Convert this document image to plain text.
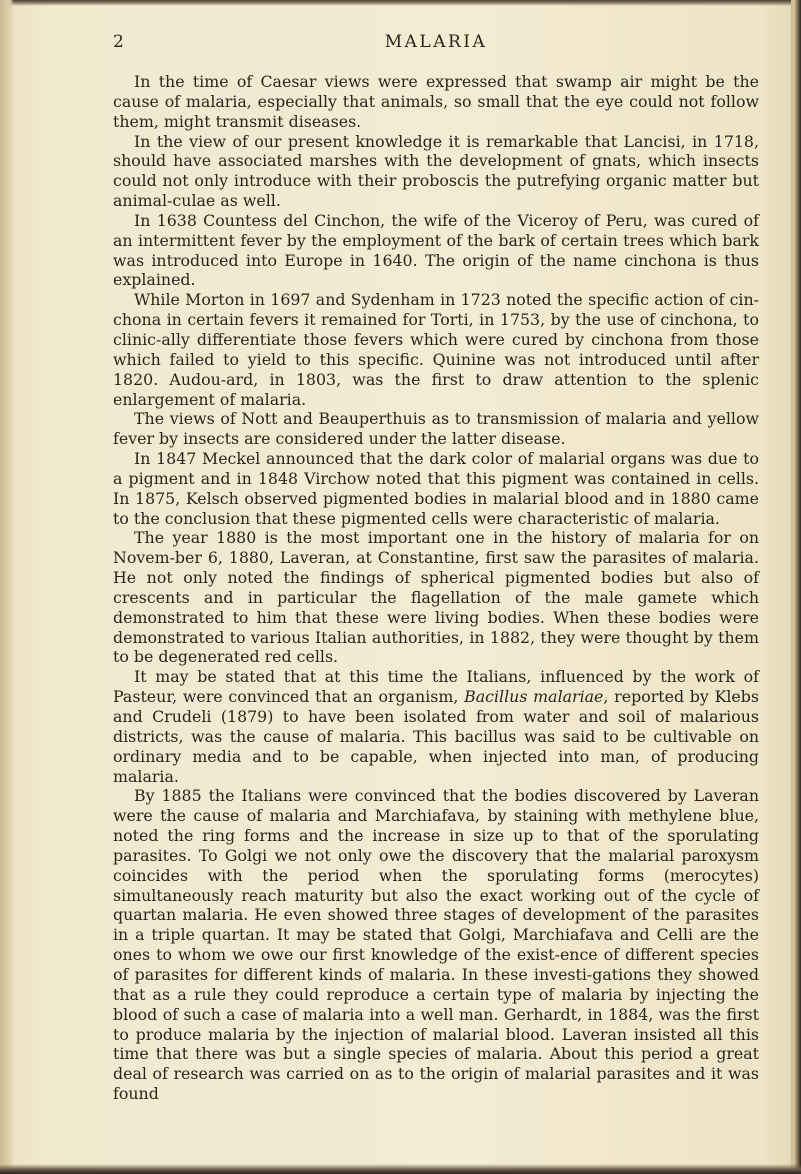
2	MALARIA

In the time of Caesar views were expressed that swamp air might be the cause of malaria, especially that animals, so small that the eye could not follow them, might transmit diseases.

In the view of our present knowledge it is remarkable that Lancisi, in 1718, should have associated marshes with the development of gnats, which insects could not only introduce with their proboscis the putrefying organic matter but animal-culae as well.

In 1638 Countess del Cinchon, the wife of the Viceroy of Peru, was cured of an intermittent fever by the employment of the bark of certain trees which bark was introduced into Europe in 1640. The origin of the name cinchona is thus explained.

While Morton in 1697 and Sydenham in 1723 noted the specific action of cin-chona in certain fevers it remained for Torti, in 1753, by the use of cinchona, to clinic-ally differentiate those fevers which were cured by cinchona from those which failed to yield to this specific. Quinine was not introduced until after 1820. Audou-ard, in 1803, was the first to draw attention to the splenic enlargement of malaria.

The views of Nott and Beauperthuis as to transmission of malaria and yellow fever by insects are considered under the latter disease.

In 1847 Meckel announced that the dark color of malarial organs was due to a pigment and in 1848 Virchow noted that this pigment was contained in cells. In 1875, Kelsch observed pigmented bodies in malarial blood and in 1880 came to the conclusion that these pigmented cells were characteristic of malaria.

The year 1880 is the most important one in the history of malaria for on Novem-ber 6, 1880, Laveran, at Constantine, first saw the parasites of malaria. He not only noted the findings of spherical pigmented bodies but also of crescents and in particular the flagellation of the male gamete which demonstrated to him that these were living bodies. When these bodies were demonstrated to various Italian authorities, in 1882, they were thought by them to be degenerated red cells.

It may be stated that at this time the Italians, influenced by the work of Pasteur, were convinced that an organism, Bacillus malariae, reported by Klebs and Crudeli (1879) to have been isolated from water and soil of malarious districts, was the cause of malaria. This bacillus was said to be cultivable on ordinary media and to be capable, when injected into man, of producing malaria.

By 1885 the Italians were convinced that the bodies discovered by Laveran were the cause of malaria and Marchiafava, by staining with methylene blue, noted the ring forms and the increase in size up to that of the sporulating parasites. To Golgi we not only owe the discovery that the malarial paroxysm coincides with the period when the sporulating forms (merocytes) simultaneously reach maturity but also the exact working out of the cycle of quartan malaria. He even showed three stages of development of the parasites in a triple quartan. It may be stated that Golgi, Marchiafava and Celli are the ones to whom we owe our first knowledge of the exist-ence of different species of parasites for different kinds of malaria. In these investi-gations they showed that as a rule they could reproduce a certain type of malaria by injecting the blood of such a case of malaria into a well man. Gerhardt, in 1884, was the first to produce malaria by the injection of malarial blood. Laveran insisted all this time that there was but a single species of malaria. About this period a great deal of research was carried on as to the origin of malarial parasites and it was found
